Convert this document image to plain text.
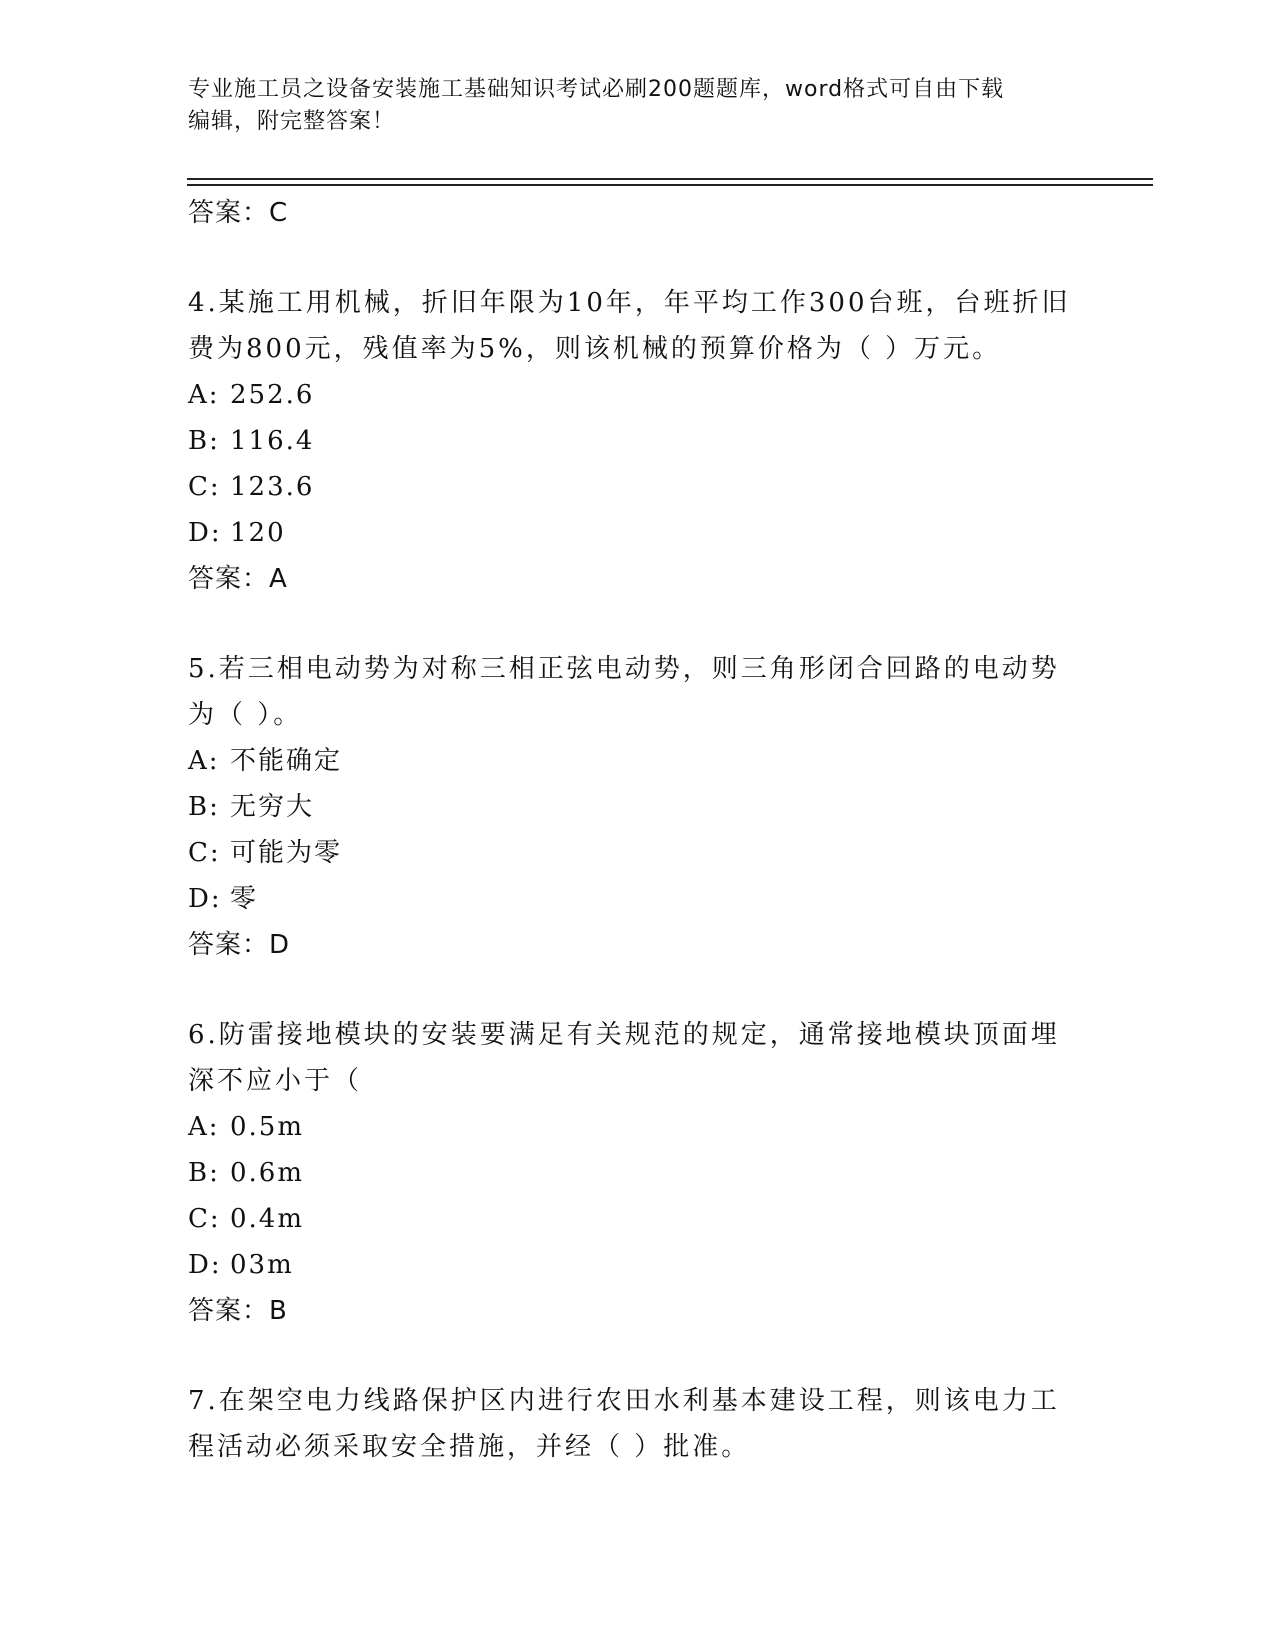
专业施工员之设备安装施工基础知识考试必刷200题题库，word格式可自由下载
编辑，附完整答案！
答案：C
4.某施工用机械，折旧年限为10年，年平均工作300台班，台班折旧费为800元，残值率为5%，则该机械的预算价格为（ ）万元。
A: 252.6
B: 116.4
C: 123.6
D: 120
答案：A
5.若三相电动势为对称三相正弦电动势，则三角形闭合回路的电动势为（ ）。
A: 不能确定
B: 无穷大
C: 可能为零
D: 零
答案：D
6.防雷接地模块的安装要满足有关规范的规定，通常接地模块顶面埋深不应小于（
A: 0.5m
B: 0.6m
C: 0.4m
D: 03m
答案：B
7.在架空电力线路保护区内进行农田水利基本建设工程，则该电力工程活动必须采取安全措施，并经（ ）批准。
